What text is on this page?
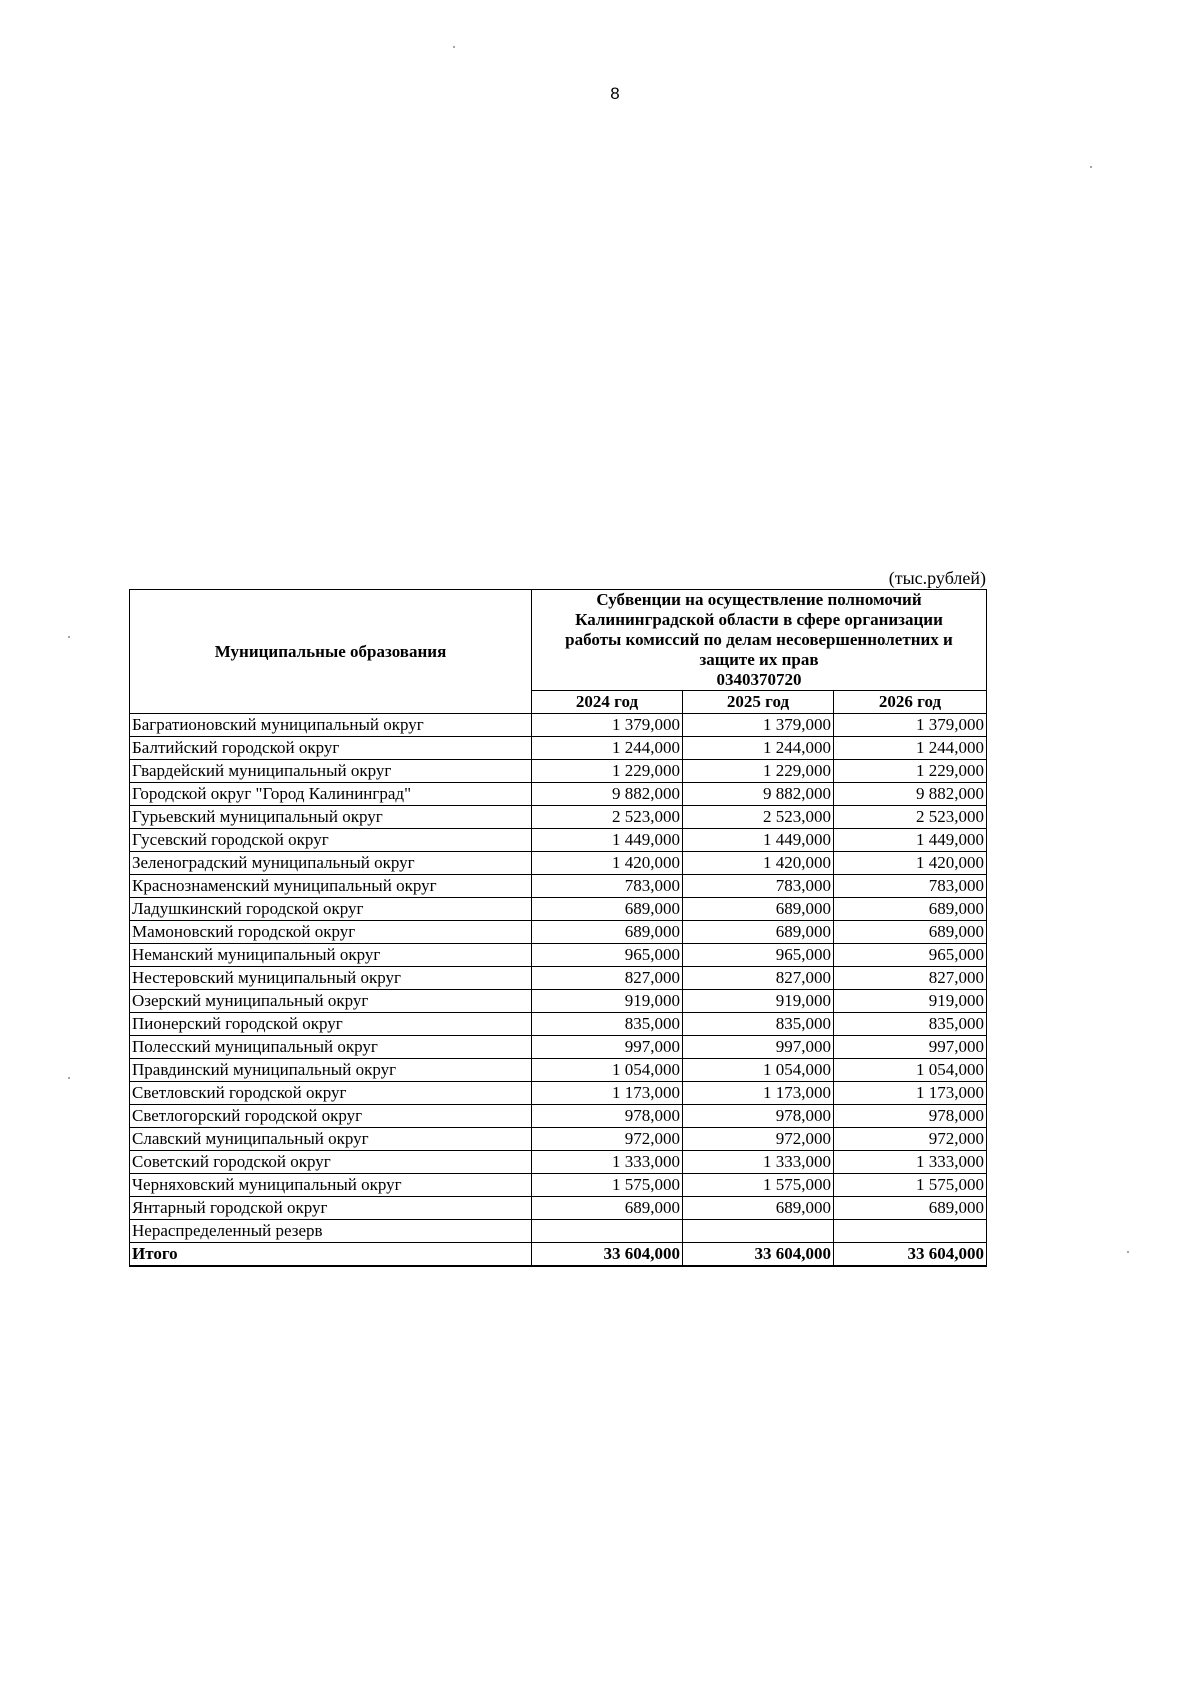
8
(тыс.рублей)
Муниципальные образования	Субвенции на осуществление полномочий
Калининградской области в сфере организации
работы комиссий по делам несовершеннолетних и
защите их прав
0340370720		

	2024 год	2025 год	2026 год
Багратионовский муниципальный округ	1 379,000	1 379,000	1 379,000
Балтийский городской округ	1 244,000	1 244,000	1 244,000
Гвардейский муниципальный округ	1 229,000	1 229,000	1 229,000
Городской округ "Город Калининград"	9 882,000	9 882,000	9 882,000
Гурьевский муниципальный округ	2 523,000	2 523,000	2 523,000
Гусевский городской округ	1 449,000	1 449,000	1 449,000
Зеленоградский муниципальный округ	1 420,000	1 420,000	1 420,000
Краснознаменский муниципальный округ	783,000	783,000	783,000
Ладушкинский городской округ	689,000	689,000	689,000
Мамоновский городской округ	689,000	689,000	689,000
Неманский муниципальный округ	965,000	965,000	965,000
Нестеровский муниципальный округ	827,000	827,000	827,000
Озерский муниципальный округ	919,000	919,000	919,000
Пионерский городской округ	835,000	835,000	835,000
Полесский муниципальный округ	997,000	997,000	997,000
Правдинский муниципальный округ	1 054,000	1 054,000	1 054,000
Светловский городской округ	1 173,000	1 173,000	1 173,000
Светлогорский городской округ	978,000	978,000	978,000
Славский муниципальный округ	972,000	972,000	972,000
Советский городской округ	1 333,000	1 333,000	1 333,000
Черняховский муниципальный округ	1 575,000	1 575,000	1 575,000
Янтарный городской округ	689,000	689,000	689,000
Нераспределенный резерв			
Итого	33 604,000	33 604,000	33 604,000
